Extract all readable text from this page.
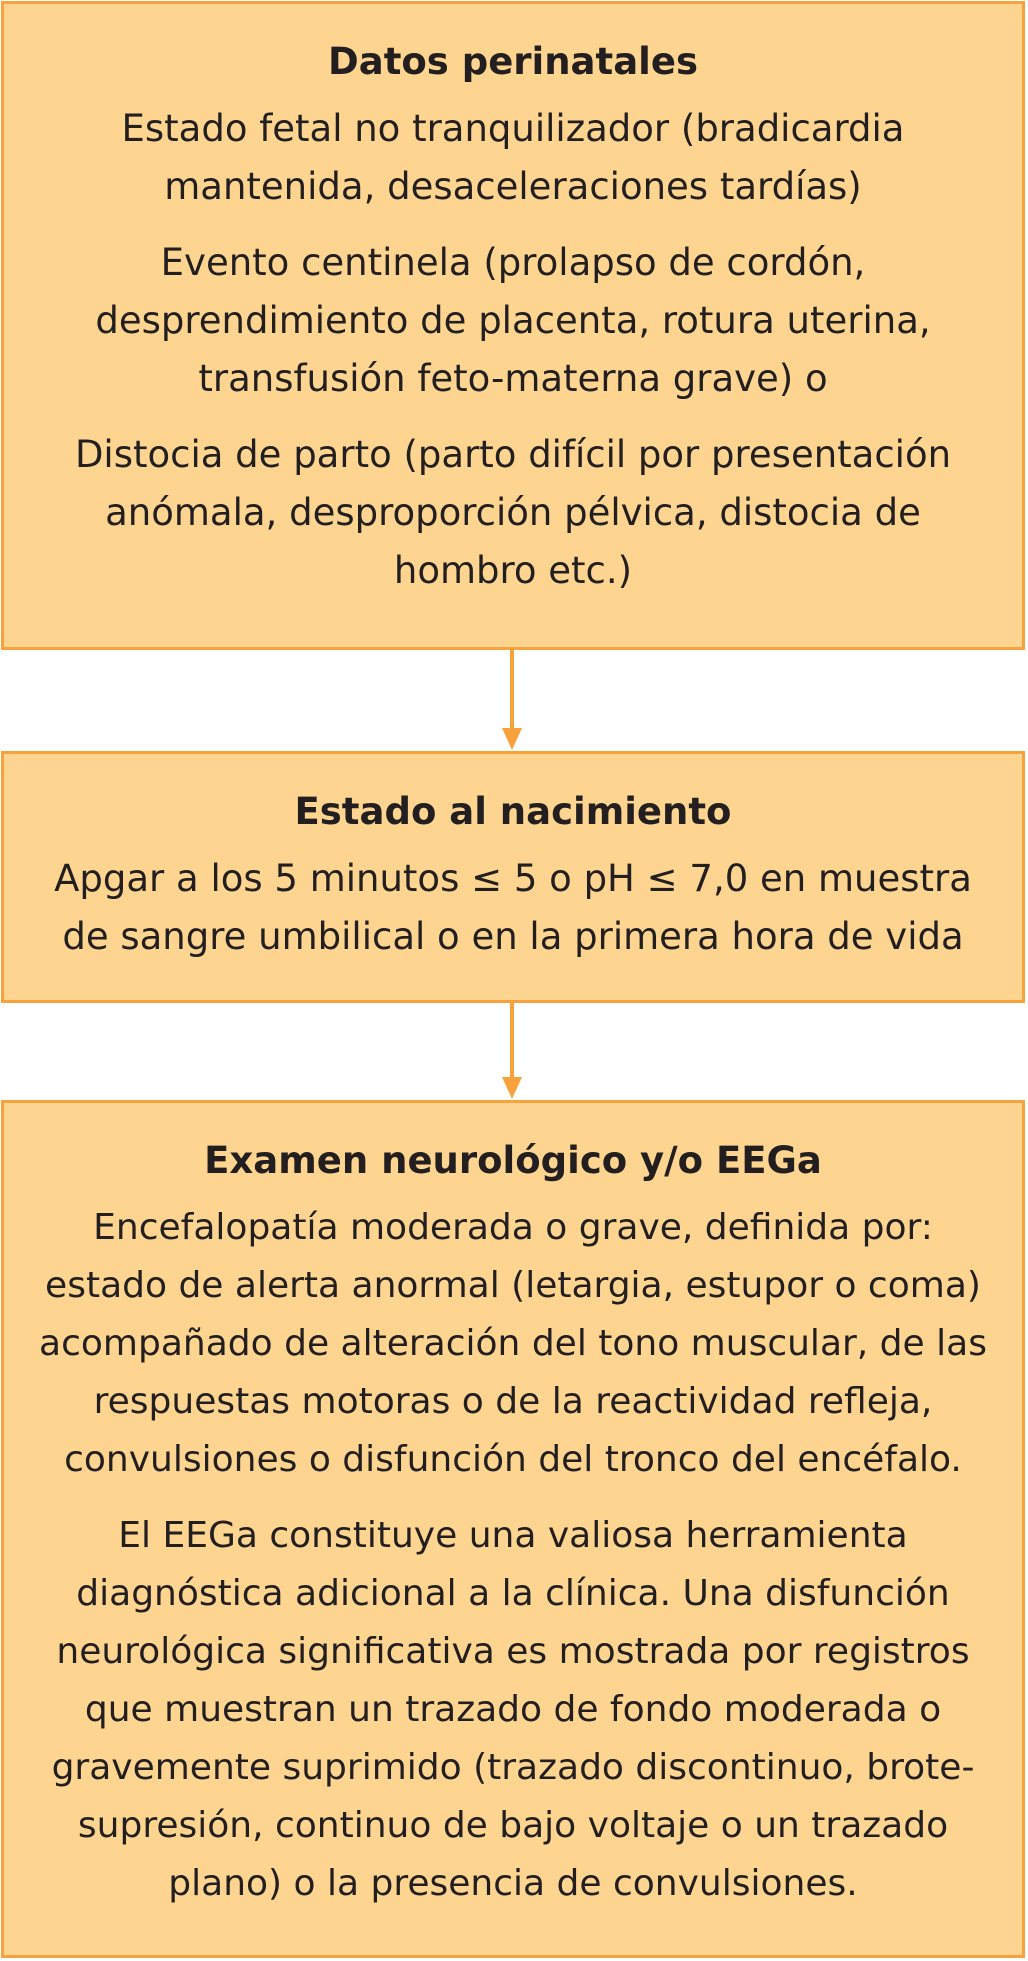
Datos perinatales
Estado fetal no tranquilizador (bradicardia mantenida, desaceleraciones tardías)
Evento centinela (prolapso de cordón, desprendimiento de placenta, rotura uterina, transfusión feto-materna grave) o
Distocia de parto (parto difícil por presentación anómala, desproporción pélvica, distocia de hombro etc.)
Estado al nacimiento
Apgar a los 5 minutos ≤ 5 o pH ≤ 7,0 en muestra de sangre umbilical o en la primera hora de vida
Examen neurológico y/o EEGa
Encefalopatía moderada o grave, definida por: estado de alerta anormal (letargia, estupor o coma) acompañado de alteración del tono muscular, de las respuestas motoras o de la reactividad refleja, convulsiones o disfunción del tronco del encéfalo.
El EEGa constituye una valiosa herramienta diagnóstica adicional a la clínica. Una disfunción neurológica significativa es mostrada por registros que muestran un trazado de fondo moderada o gravemente suprimido (trazado discontinuo, brote-supresión, continuo de bajo voltaje o un trazado plano) o la presencia de convulsiones.
